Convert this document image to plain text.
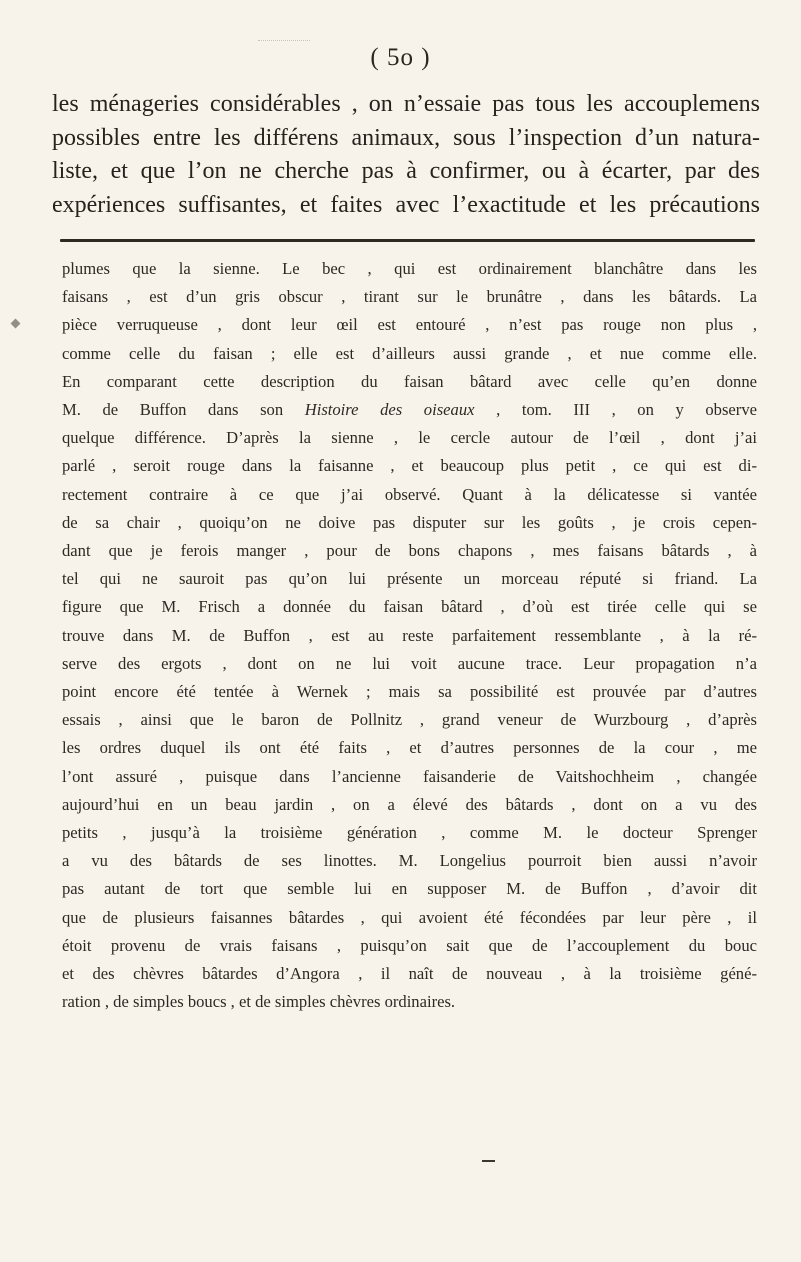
( 5o )
les ménageries considérables , on n’essaie pas tous les accouplemens
possibles entre les différens animaux, sous l’inspection d’un natura-
liste, et que l’on ne cherche pas à confirmer, ou à écarter, par des
expériences suffisantes, et faites avec l’exactitude et les précautions
plumes que la sienne. Le bec , qui est ordinairement blanchâtre dans les
faisans , est d’un gris obscur , tirant sur le brunâtre , dans les bâtards. La
pièce verruqueuse , dont leur œil est entouré , n’est pas rouge non plus ,
comme celle du faisan ; elle est d’ailleurs aussi grande , et nue comme elle.
En comparant cette description du faisan bâtard avec celle qu’en donne
M. de Buffon dans son Histoire des oiseaux , tom. III , on y observe
quelque différence. D’après la sienne , le cercle autour de l’œil , dont j’ai
parlé , seroit rouge dans la faisanne , et beaucoup plus petit , ce qui est di-
rectement contraire à ce que j’ai observé. Quant à la délicatesse si vantée
de sa chair , quoiqu’on ne doive pas disputer sur les goûts , je crois cepen-
dant que je ferois manger , pour de bons chapons , mes faisans bâtards , à
tel qui ne sauroit pas qu’on lui présente un morceau réputé si friand. La
figure que M. Frisch a donnée du faisan bâtard , d’où est tirée celle qui se
trouve dans M. de Buffon , est au reste parfaitement ressemblante , à la ré-
serve des ergots , dont on ne lui voit aucune trace. Leur propagation n’a
point encore été tentée à Wernek ; mais sa possibilité est prouvée par d’autres
essais , ainsi que le baron de Pollnitz , grand veneur de Wurzbourg , d’après
les ordres duquel ils ont été faits , et d’autres personnes de la cour , me
l’ont assuré , puisque dans l’ancienne faisanderie de Vaitshochheim , changée
aujourd’hui en un beau jardin , on a élevé des bâtards , dont on a vu des
petits , jusqu’à la troisième génération , comme M. le docteur Sprenger
a vu des bâtards de ses linottes. M. Longelius pourroit bien aussi n’avoir
pas autant de tort que semble lui en supposer M. de Buffon , d’avoir dit
que de plusieurs faisannes bâtardes , qui avoient été fécondées par leur père , il
étoit provenu de vrais faisans , puisqu’on sait que de l’accouplement du bouc
et des chèvres bâtardes d’Angora , il naît de nouveau , à la troisième géné-
ration , de simples boucs , et de simples chèvres ordinaires.
